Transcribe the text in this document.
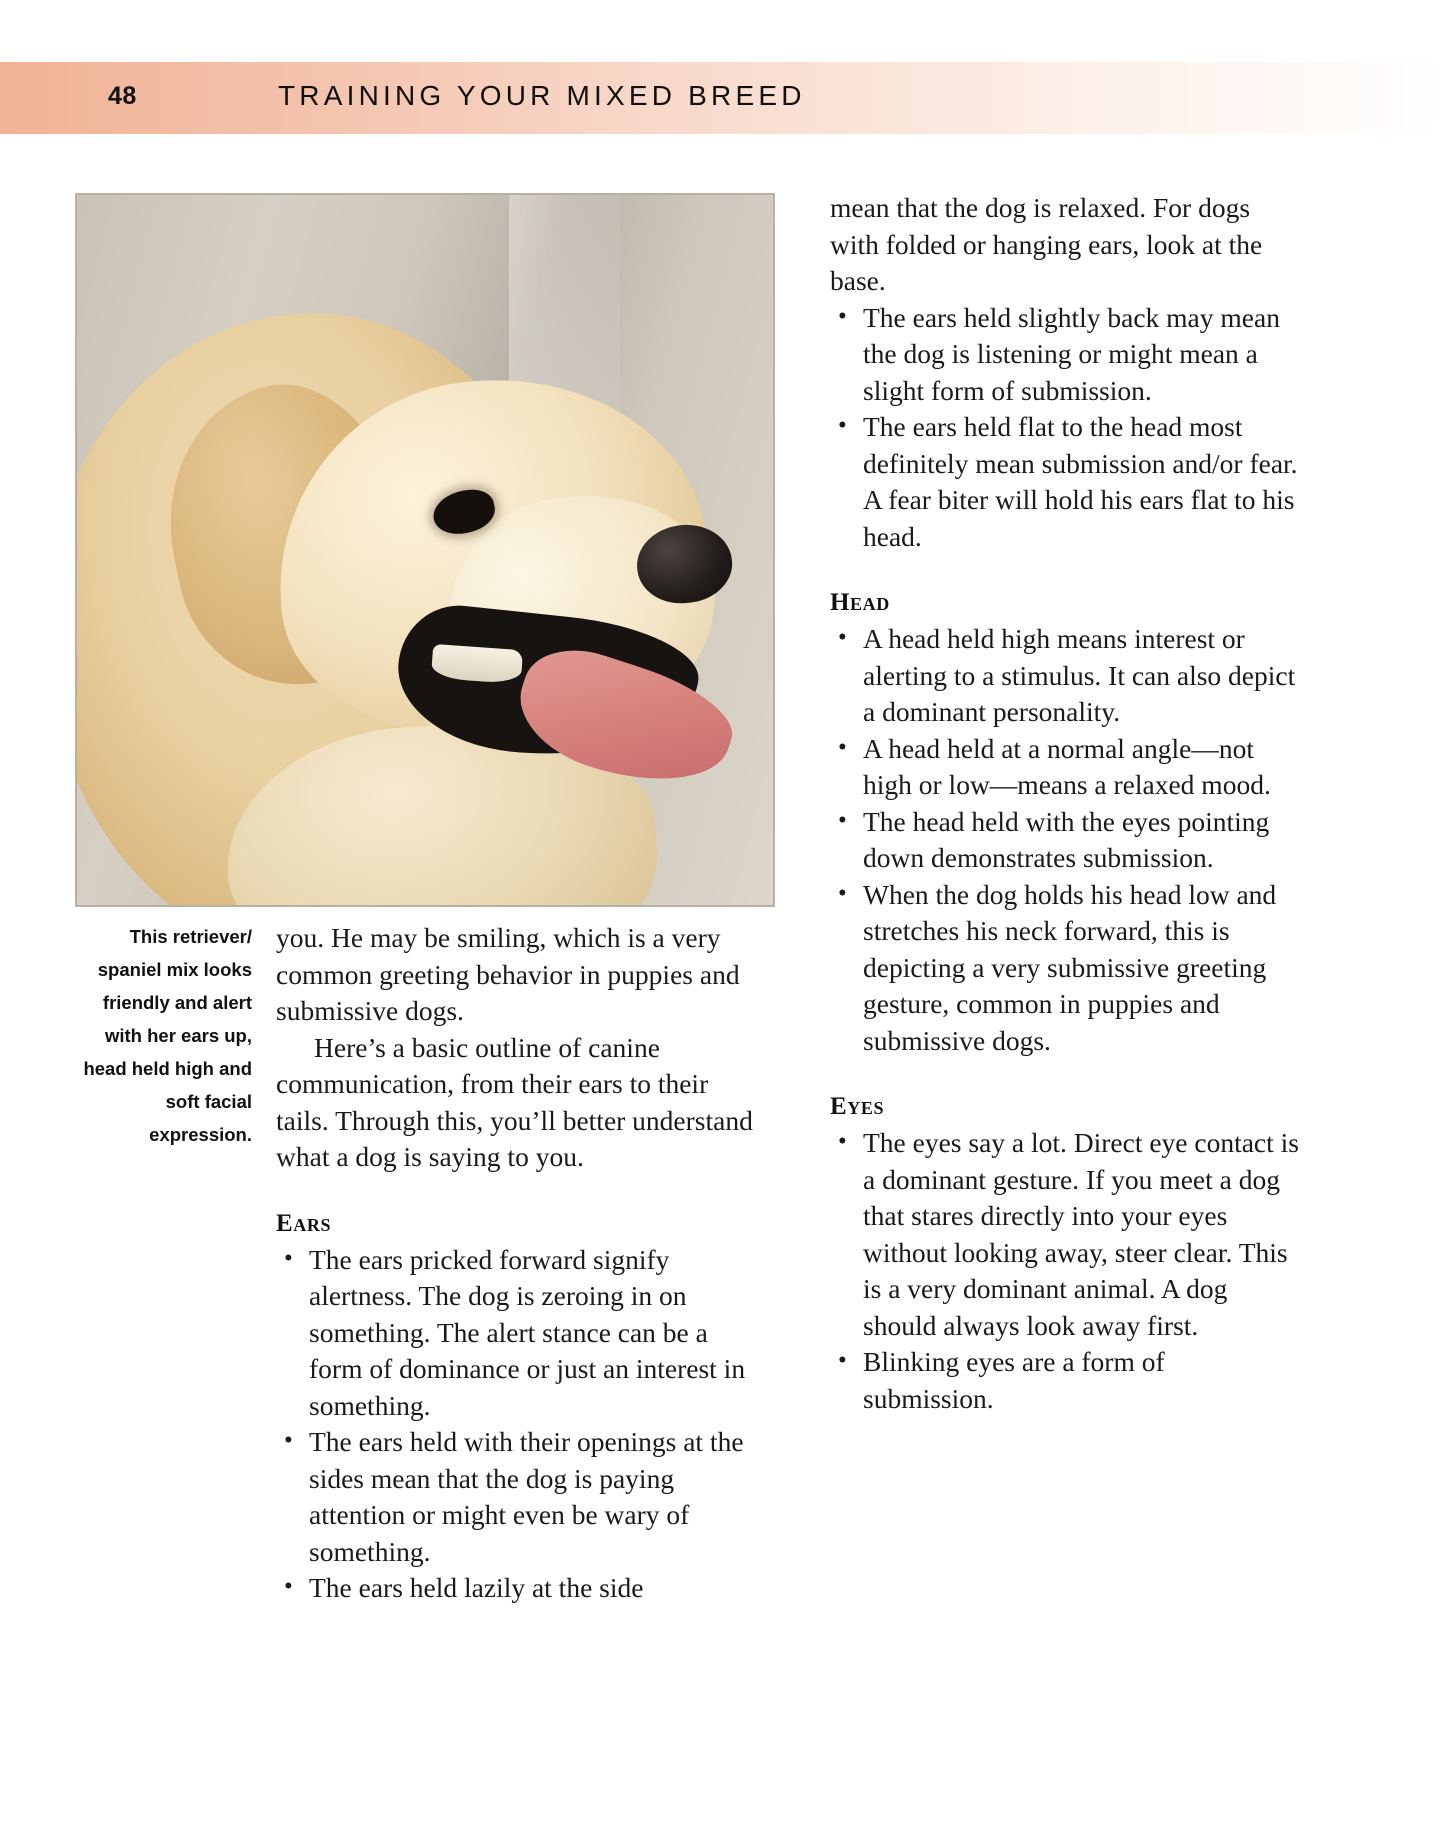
48	TRAINING YOUR MIXED BREED
This retriever/ spaniel mix looks friendly and alert with her ears up, head held high and soft facial expression.

you. He may be smiling, which is a very common greeting behavior in puppies and submissive dogs.

Here’s a basic outline of canine communication, from their ears to their tails. Through this, you’ll better understand what a dog is saying to you.

Ears
• The ears pricked forward signify alertness. The dog is zeroing in on something. The alert stance can be a form of dominance or just an interest in something.
• The ears held with their openings at the sides mean that the dog is paying attention or might even be wary of something.
• The ears held lazily at the side

mean that the dog is relaxed. For dogs with folded or hanging ears, look at the base.

• The ears held slightly back may mean the dog is listening or might mean a slight form of submission.
• The ears held flat to the head most definitely mean submission and/or fear. A fear biter will hold his ears flat to his head.
Head
• A head held high means interest or alerting to a stimulus. It can also depict a dominant personality.
• A head held at a normal angle—not high or low—means a relaxed mood.
• The head held with the eyes pointing down demonstrates submission.
• When the dog holds his head low and stretches his neck forward, this is depicting a very submissive greeting gesture, common in puppies and submissive dogs.
Eyes
• The eyes say a lot. Direct eye contact is a dominant gesture. If you meet a dog that stares directly into your eyes without looking away, steer clear. This is a very dominant animal. A dog should always look away first.
• Blinking eyes are a form of submission.
